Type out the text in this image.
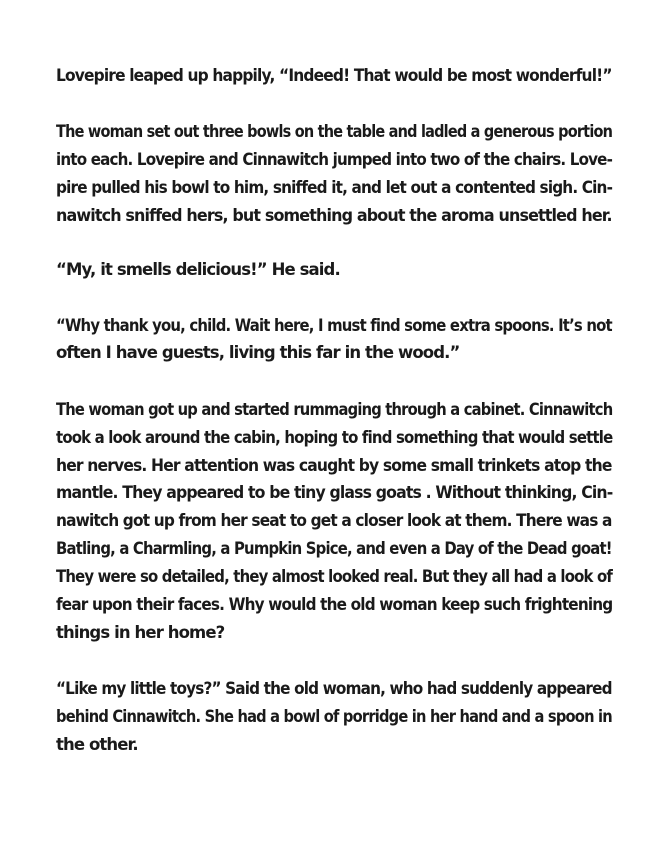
Lovepire leaped up happily, “Indeed! That would be most wonderful!”
The woman set out three bowls on the table and ladled a generous portion
into each. Lovepire and Cinnawitch jumped into two of the chairs. Love-
pire pulled his bowl to him, sniffed it, and let out a contented sigh. Cin-
nawitch sniffed hers, but something about the aroma unsettled her.
“My, it smells delicious!” He said.
“Why thank you, child. Wait here, I must find some extra spoons. It’s not
often I have guests, living this far in the wood.”
The woman got up and started rummaging through a cabinet. Cinnawitch
took a look around the cabin, hoping to find something that would settle
her nerves. Her attention was caught by some small trinkets atop the
mantle. They appeared to be tiny glass goats . Without thinking, Cin-
nawitch got up from her seat to get a closer look at them. There was a
Batling, a Charmling, a Pumpkin Spice, and even a Day of the Dead goat!
They were so detailed, they almost looked real. But they all had a look of
fear upon their faces. Why would the old woman keep such frightening
things in her home?
“Like my little toys?” Said the old woman, who had suddenly appeared
behind Cinnawitch. She had a bowl of porridge in her hand and a spoon in
the other.
